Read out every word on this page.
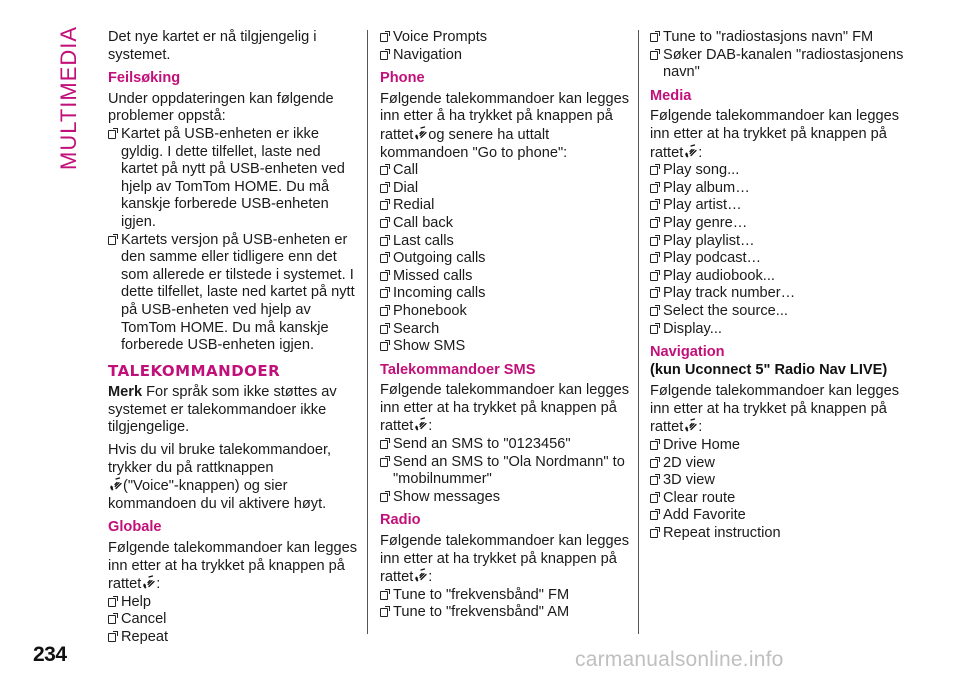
MULTIMEDIA Det nye kartet er nå tilgjengelig i systemet.

Feilsøking

Under oppdateringen kan følgende problemer oppstå:

Kartet på USB-enheten er ikke gyldig. I dette tilfellet, laste ned kartet på nytt på USB-enheten ved hjelp av TomTom HOME. Du må kanskje forberede USB-enheten igjen.
Kartets versjon på USB-enheten er den samme eller tidligere enn det som allerede er tilstede i systemet. I dette tilfellet, laste ned kartet på nytt på USB-enheten ved hjelp av TomTom HOME. Du må kanskje forberede USB-enheten igjen.
TALEKOMMANDOER

Merk For språk som ikke støttes av systemet er talekommandoer ikke tilgjengelige.

Hvis du vil bruke talekommandoer, trykker du på rattknappen
("Voice"-knappen) og sier kommandoen du vil aktivere høyt.

Globale

Følgende talekommandoer kan legges inn etter at ha trykket på knappen på rattet :

Help
Cancel
Repeat
Voice Prompts
Navigation
Phone

Følgende talekommandoer kan legges inn etter å ha trykket på knappen på rattet og senere ha uttalt kommandoen "Go to phone":

Call
Dial
Redial
Call back
Last calls
Outgoing calls
Missed calls
Incoming calls
Phonebook
Search
Show SMS
Talekommandoer SMS

Følgende talekommandoer kan legges inn etter at ha trykket på knappen på rattet :

Send an SMS to "0123456"
Send an SMS to "Ola Nordmann" to "mobilnummer"
Show messages
Radio

Følgende talekommandoer kan legges inn etter at ha trykket på knappen på rattet :

Tune to "frekvensbånd" FM
Tune to "frekvensbånd" AM
Tune to "radiostasjons navn" FM
Søker DAB-kanalen "radiostasjonens navn"
Media

Følgende talekommandoer kan legges inn etter at ha trykket på knappen på rattet :

Play song...
Play album…
Play artist…
Play genre…
Play playlist…
Play podcast…
Play audiobook...
Play track number…
Select the source...
Display...
Navigation
(kun Uconnect 5" Radio Nav LIVE)

Følgende talekommandoer kan legges inn etter at ha trykket på knappen på rattet :

Drive Home
2D view
3D view
Clear route
Add Favorite
Repeat instruction
234	carmanualsonline.info
